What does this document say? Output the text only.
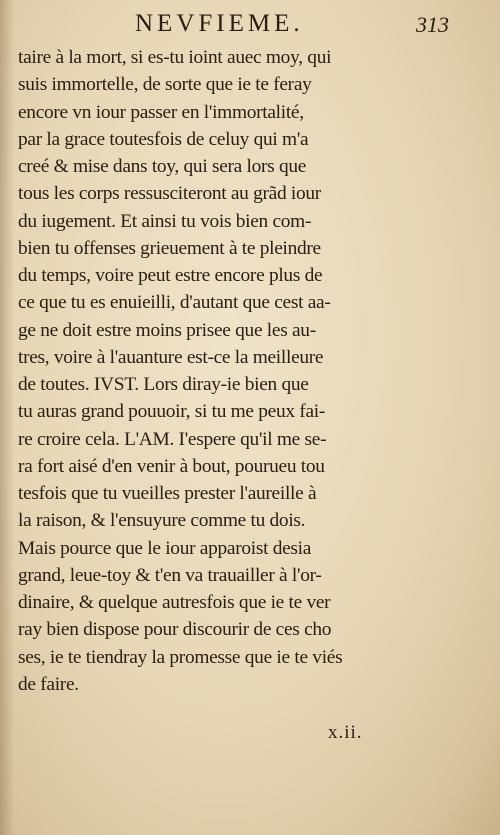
NEVFIEME.	313
taire à la mort, si es-tu ioint auec moy, qui
suis immortelle, de sorte que ie te feray
encore vn iour passer en l'immortalité,
par la grace toutesfois de celuy qui m'a
creé & mise dans toy, qui sera lors que
tous les corps ressusciteront au grãd iour
du iugement. Et ainsi tu vois bien com-
bien tu offenses grieuement à te pleindre
du temps, voire peut estre encore plus de
ce que tu es enuieilli, d'autant que cest aa-
ge ne doit estre moins prisee que les au-
tres, voire à l'auanture est-ce la meilleure
de toutes. IVST. Lors diray-ie bien que
tu auras grand pouuoir, si tu me peux fai-
re croire cela. L'AM. I'espere qu'il me se-
ra fort aisé d'en venir à bout, pourueu tou
tesfois que tu vueilles prester l'aureille à
la raison, & l'ensuyure comme tu dois.
Mais pource que le iour apparoist desia
grand, leue-toy & t'en va trauailler à l'or-
dinaire, & quelque autresfois que ie te ver
ray bien dispose pour discourir de ces cho
ses, ie te tiendray la promesse que ie te viés
de faire.
x.ii.
